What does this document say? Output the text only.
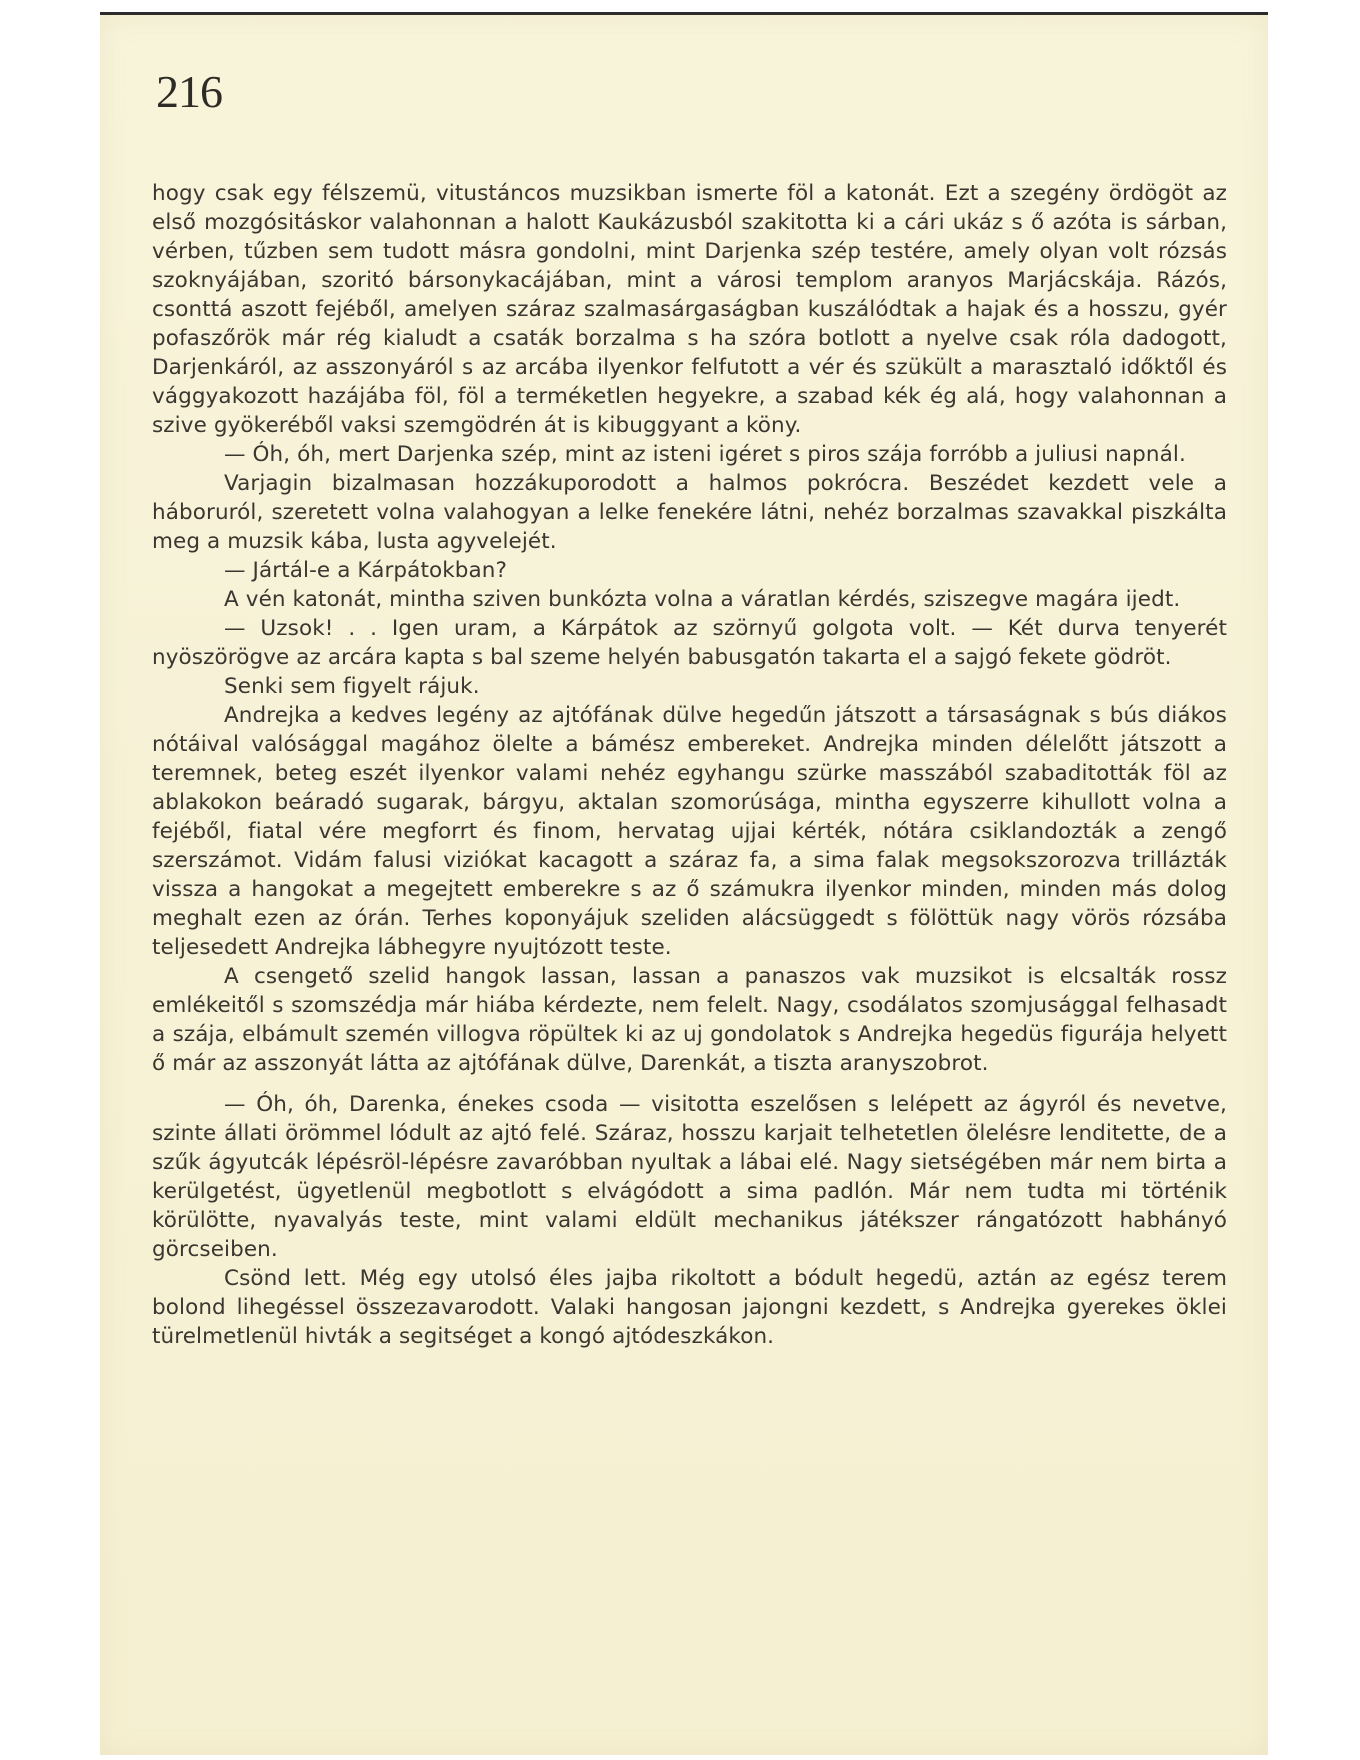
216

hogy csak egy félszemü, vitustáncos muzsikban ismerte föl a katonát. Ezt a szegény ördögöt az első mozgósitáskor valahonnan a halott Kaukázusból szakitotta ki a cári ukáz s ő azóta is sárban, vérben, tűzben sem tudott másra gondolni, mint Darjenka szép testére, amely olyan volt rózsás szoknyájában, szoritó bársonykacájában, mint a városi templom aranyos Marjácskája. Rázós, csonttá aszott fejéből, amelyen száraz szalmasárgaságban kuszálódtak a hajak és a hosszu, gyér pofaszőrök már rég kialudt a csaták borzalma s ha szóra botlott a nyelve csak róla dadogott, Darjenkáról, az asszonyáról s az arcába ilyenkor felfutott a vér és szükült a marasztaló időktől és vággyakozott hazájába föl, föl a terméketlen hegyekre, a szabad kék ég alá, hogy valahonnan a szive gyökeréből vaksi szemgödrén át is kibuggyant a köny.

— Óh, óh, mert Darjenka szép, mint az isteni igéret s piros szája forróbb a juliusi napnál.

Varjagin bizalmasan hozzákuporodott a halmos pokrócra. Beszédet kezdett vele a háboruról, szeretett volna valahogyan a lelke fenekére látni, nehéz borzalmas szavakkal piszkálta meg a muzsik kába, lusta agyvelejét.

— Jártál-e a Kárpátokban?

A vén katonát, mintha sziven bunkózta volna a váratlan kérdés, sziszegve magára ijedt.

— Uzsok! . . Igen uram, a Kárpátok az szörnyű golgota volt. — Két durva tenyerét nyöszörögve az arcára kapta s bal szeme helyén babusgatón takarta el a sajgó fekete gödröt.

Senki sem figyelt rájuk.

Andrejka a kedves legény az ajtófának dülve hegedűn játszott a társaságnak s bús diákos nótáival valósággal magához ölelte a bámész embereket. Andrejka minden délelőtt játszott a teremnek, beteg eszét ilyenkor valami nehéz egyhangu szürke masszából szabaditották föl az ablakokon beáradó sugarak, bárgyu, aktalan szomorúsága, mintha egyszerre kihullott volna a fejéből, fiatal vére megforrt és finom, hervatag ujjai kérték, nótára csiklandozták a zengő szerszámot. Vidám falusi viziókat kacagott a száraz fa, a sima falak megsokszorozva trillázták vissza a hangokat a megejtett emberekre s az ő számukra ilyenkor minden, minden más dolog meghalt ezen az órán. Terhes koponyájuk szeliden alácsüggedt s fölöttük nagy vörös rózsába teljesedett Andrejka lábhegyre nyujtózott teste.

A csengető szelid hangok lassan, lassan a panaszos vak muzsikot is elcsalták rossz emlékeitől s szomszédja már hiába kérdezte, nem felelt. Nagy, csodálatos szomjusággal felhasadt a szája, elbámult szemén villogva röpültek ki az uj gondolatok s Andrejka hegedüs figurája helyett ő már az asszonyát látta az ajtófának dülve, Darenkát, a tiszta aranyszobrot.

— Óh, óh, Darenka, énekes csoda — visitotta eszelősen s lelépett az ágyról és nevetve, szinte állati örömmel lódult az ajtó felé. Száraz, hosszu karjait telhetetlen ölelésre lenditette, de a szűk ágyutcák lépésröl-lépésre zavaróbban nyultak a lábai elé. Nagy sietségében már nem birta a kerülgetést, ügyetlenül megbotlott s elvágódott a sima padlón. Már nem tudta mi történik körülötte, nyavalyás teste, mint valami eldült mechanikus játékszer rángatózott habhányó görcseiben.

Csönd lett. Még egy utolsó éles jajba rikoltott a bódult hegedü, aztán az egész terem bolond lihegéssel összezavarodott. Valaki hangosan jajongni kezdett, s Andrejka gyerekes öklei türelmetlenül hivták a segitséget a kongó ajtódeszkákon.
